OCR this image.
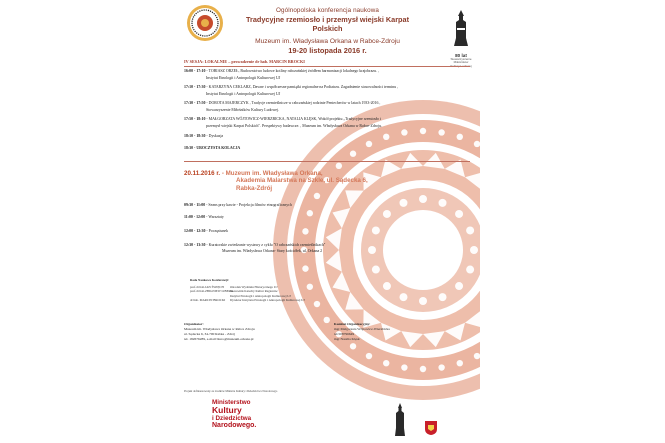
Ogólnopolska konferencja naukowa
Tradycyjne rzemiosło i przemysł wiejski Karpat Polskich
Muzeum im. Władysława Orkana w Rabce-Zdroju
19-20 listopada 2016 r.
80 lat
Stowarzyszenie
Miłośników
Kultury Ludowej
IV SESJA: LOKALNIE – prowadzenie dr hab. MARCIN BROCKI
16:00 - 17:10 - TOBIASZ ORZEŁ, Budownictwo ludowe kotliny rabczańskiej źródłem harmonizacji lokalnego krajobrazu. ,
Instytut Etnologii i Antropologii Kulturowej UJ
17:10 - 17:30 - KATARZYNA CEKLARZ, Dawne i współczesne pamiątki regionalne na Podtatrzu. Zagadnienie stosowalności terminu ,
Instytut Etnologii i Antropologii Kulturowej UJ
17:30 - 17:50 - DOROTA MAJERCZYK , Tradycje rzemieślnicze w rabczańskiej rodzinie Pentecherów w latach 1933-2016 ,
Stowarzyszenie Miłośników Kultury Ludowej.
17:50 - 18:10 - MAŁGORZATA WÓJTOWICZ-WIERZBICKA, NATALIA KLĘSK, Wokół projektu „Tradycyjne rzemiosło i
przemysł wiejski Karpat Polskich". Perspektywy badawcze. , Muzeum im. Władysława Orkana w Rabce-Zdroju.
18:10 - 18:30 - Dyskusja
18:30 - UROCZYSTA KOLACJA
20.11.2016 r. - Muzeum im. Władysława Orkana,
Akademia Malarstwa na Szkle, ul. Sądecka 6,
Rabka-Zdrój
09:30 - 11:00 - Seans przy kawie - Projekcja filmów etnograficznych
11:00 - 12:00 - Warsztaty
12:00 - 12:30 - Poczęstunek
12:30 - 13:30 - Kuratorskie zwiedzanie wystawy z cyklu "O rabczańskich rzemieślnikach"
Muzeum im. Władysława Orkana- Stary kościółek, ul. Orkana 2
Rada Naukowa Konferencji:
prof.dr hab.JAN ŚWIĘCH Ośrodek Wydziału Historycznego UJ
prof.dr hab.ZBIGNIEW LIBERA
Kierownik Katedry Kultur Regionów
Instytut Etnologii i Antropologii Kulturowej UJ
dr hab. MARCIN BROCKI Dyrektor Instytutu Etnologii i Antropologii Kulturowej UJ
Organizator:
Muzeum im. Władysława Orkana w Rabce Zdroju
ul. Sądecka 6, 34-700 Rabka - Zdrój
tel. 182676289, e-mail biuro@muzeum-orkana.pl
Komitet Organizacyjny:
mgr Małgorzata Wójtowicz-Wierzbicka
tel.508796649
mgr Natalia Klęsk
Projekt dofinansowany ze środków Ministra Kultury i Dziedzictwa Narodowego
Ministerstwo
Kultury
i Dziedzictwa
Narodowego.
